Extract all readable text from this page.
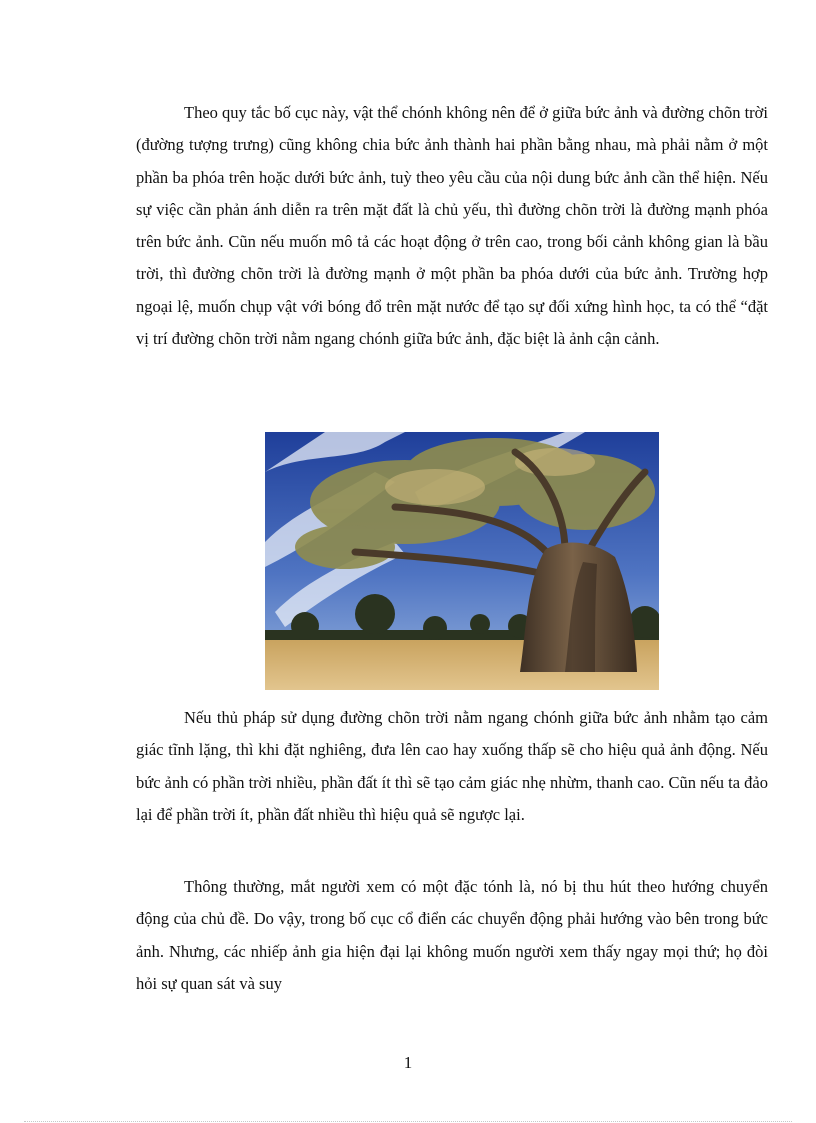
Theo quy tắc bố cục này, vật thể chónh không nên để ở giữa bức ảnh và đường chõn trời (đường tượng trưng) cũng không chia bức ảnh thành hai phần bằng nhau, mà phải nằm ở một phần ba phóa trên hoặc dưới bức ảnh, tuỳ theo yêu cầu của nội dung bức ảnh cần thể hiện. Nếu sự việc cần phản ánh diễn ra trên mặt đất là chủ yếu, thì đường chõn trời là đường mạnh phóa trên bức ảnh. Cũn nếu muốn mô tả các hoạt động ở trên cao, trong bối cảnh không gian là bầu trời, thì đường chõn trời là đường mạnh ở một phần ba phóa dưới của bức ảnh. Trường hợp ngoại lệ, muốn chụp vật với bóng đổ trên mặt nước để tạo sự đối xứng hình học, ta có thể “đặt vị trí đường chõn trời nằm ngang chónh giữa bức ảnh, đặc biệt là ảnh cận cảnh.

Nếu thủ pháp sử dụng đường chõn trời nằm ngang chónh giữa bức ảnh nhằm tạo cảm giác tĩnh lặng, thì khi đặt nghiêng, đưa lên cao hay xuống thấp sẽ cho hiệu quả ảnh động. Nếu bức ảnh có phần trời nhiều, phần đất ít thì sẽ tạo cảm giác nhẹ nhừm, thanh cao. Cũn nếu ta đảo lại để phần trời ít, phần đất nhiều thì hiệu quả sẽ ngược lại.

Thông thường, mắt người xem có một đặc tónh là, nó bị thu hút theo hướng chuyển động của chủ đề. Do vậy, trong bố cục cổ điển các chuyển động phải hướng vào bên trong bức ảnh. Nhưng, các nhiếp ảnh gia hiện đại lại không muốn người xem thấy ngay mọi thứ; họ đòi hỏi sự quan sát và suy

1
